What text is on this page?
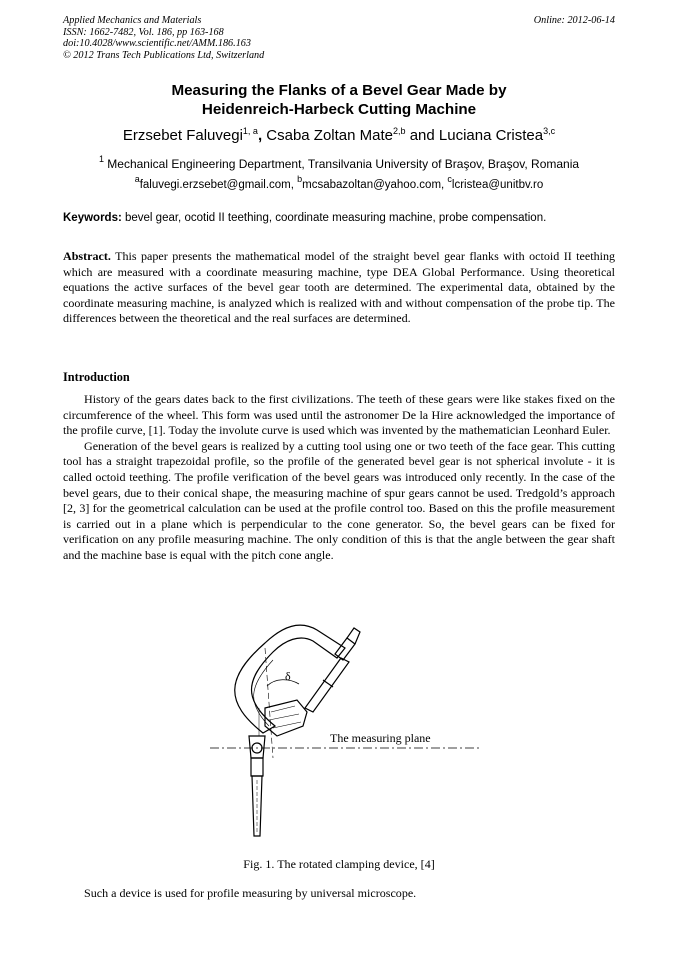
Applied Mechanics and Materials
ISSN: 1662-7482, Vol. 186, pp 163-168
doi:10.4028/www.scientific.net/AMM.186.163
© 2012 Trans Tech Publications Ltd, Switzerland
Online: 2012-06-14
Measuring the Flanks of a Bevel Gear Made by
Heidenreich-Harbeck Cutting Machine
Erzsebet Faluvegi$^{1, a}$, Csaba Zoltan Mate$^{2,b}$ and Luciana Cristea$^{3,c}$
$^1$ Mechanical Engineering Department, Transilvania University of Braşov, Braşov, Romania
$^a$faluvegi.erzsebet@gmail.com, $^b$mcsabazoltan@yahoo.com, $^c$lcristea@unitbv.ro
Keywords: bevel gear, ocotid II teething, coordinate measuring machine, probe compensation.
Abstract. This paper presents the mathematical model of the straight bevel gear flanks with octoid II teething which are measured with a coordinate measuring machine, type DEA Global Performance. Using theoretical equations the active surfaces of the bevel gear tooth are determined. The experimental data, obtained by the coordinate measuring machine, is analyzed which is realized with and without compensation of the probe tip. The differences between the theoretical and the real surfaces are determined.
Introduction

History of the gears dates back to the first civilizations. The teeth of these gears were like stakes fixed on the circumference of the wheel. This form was used until the astronomer De la Hire acknowledged the importance of the profile curve, [1]. Today the involute curve is used which was invented by the mathematician Leonhard Euler.

Generation of the bevel gears is realized by a cutting tool using one or two teeth of the face gear. This cutting tool has a straight trapezoidal profile, so the profile of the generated bevel gear is not spherical involute - it is called octoid teething. The profile verification of the bevel gears was introduced only recently. In the case of the bevel gears, due to their conical shape, the measuring machine of spur gears cannot be used. Tredgold’s approach [2, 3] for the geometrical calculation can be used at the profile control too. Based on this the profile measurement is carried out in a plane which is perpendicular to the cone generator. So, the bevel gears can be fixed for verification on any profile measuring machine. The only condition of this is that the angle between the gear shaft and the machine base is equal with the pitch cone angle.

δ
The measuring plane
Fig. 1. The rotated clamping device, [4]
Such a device is used for profile measuring by universal microscope.
